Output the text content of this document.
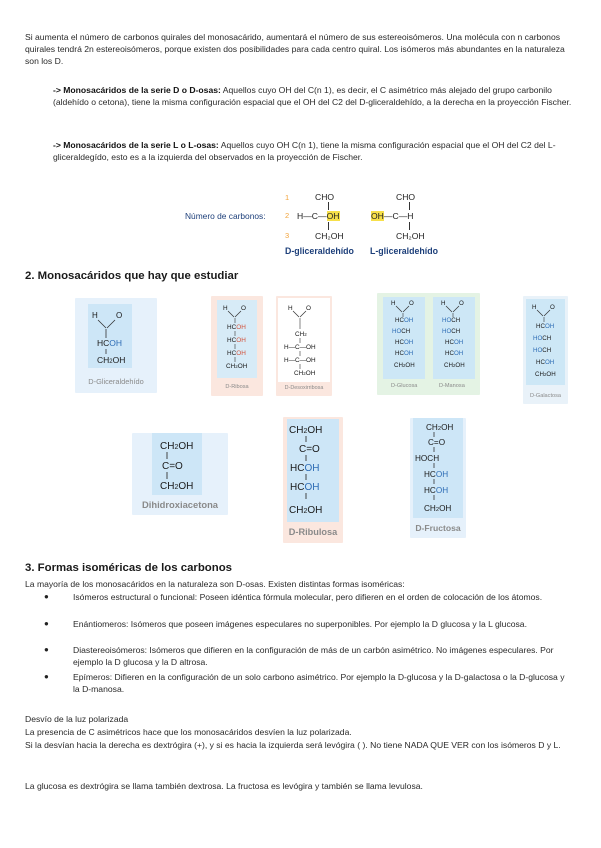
Si aumenta el número de carbonos quirales del monosacárido, aumentará el número de sus estereoisómeros. Una molécula con n carbonos quirales tendrá 2n estereoisómeros, porque existen dos posibilidades para cada centro quiral. Los isómeros más abundantes en la naturaleza son los D.
-> Monosacáridos de la serie D o D-osas: Aquellos cuyo OH del C(n 1), es decir, el C asimétrico más alejado del grupo carbonilo (aldehído o cetona), tiene la misma configuración espacial que el OH del C2 del D-gliceraldehído, a la derecha en la proyección Fischer.
-> Monosacáridos de la serie L o L-osas: Aquellos cuyo OH C(n 1), tiene la misma configuración espacial que el OH del C2 del L-gliceraldegído, esto es a la izquierda del observados en la proyección de Fischer.
Número de carbonos:
1
2
3
CHO
H—C—OH
CH₂OH
D-gliceraldehído
CHO
OH—C—H
CH₂OH
L-gliceraldehído
2. Monosacáridos que hay que estudiar
H O
HCOH
CH2OH
D-Gliceraldehído
H O
HCOH
HCOH
HCOH
CH2OH
D-Ribosa
H O
CH2
H—C—OH
H—C—OH
CH2OH
D-Desoxirribosa
H O
HCOH
HOCH
HCOH
HCOH
CH2OH
H O
HOCH
HOCH
HCOH
HCOH
CH2OH
D-Glucosa	D-Manosa
H O
HCOH
HOCH
HOCH
HCOH
CH2OH
D-Galactosa
CH2OH
C=O
CH2OH
Dihidroxiacetona
CH2OH
C=O
HCOH
HCOH
CH2OH
D-Ribulosa
CH2OH
C=O
HOCH
HCOH
HCOH
CH2OH
D-Fructosa
3. Formas isoméricas de los carbonos
La mayoría de los monosacáridos en la naturaleza son D-osas. Existen distintas formas isoméricas:
●	Isómeros estructural o funcional: Poseen idéntica fórmula molecular, pero difieren en el orden de colocación de los átomos.
●	Enántiomeros: Isómeros que poseen imágenes especulares no superponibles. Por ejemplo la D glucosa y la L glucosa.
●	Diastereoisómeros: Isómeros que difieren en la configuración de más de un carbón asimétrico. No imágenes especulares. Por ejemplo la D glucosa y la D altrosa.
●	Epímeros: Difieren en la configuración de un solo carbono asimétrico. Por ejemplo la D-glucosa y la D-galactosa o la D-glucosa y la D-manosa.
Desvío de la luz polarizada
La presencia de C asimétricos hace que los monosacáridos desvíen la luz polarizada.
Si la desvían hacia la derecha es dextrógira (+), y si es hacia la izquierda será levógira ( ). No tiene NADA QUE VER con los isómeros D y L.
La glucosa es dextrógira se llama también dextrosa. La fructosa es levógira y también se llama levulosa.
